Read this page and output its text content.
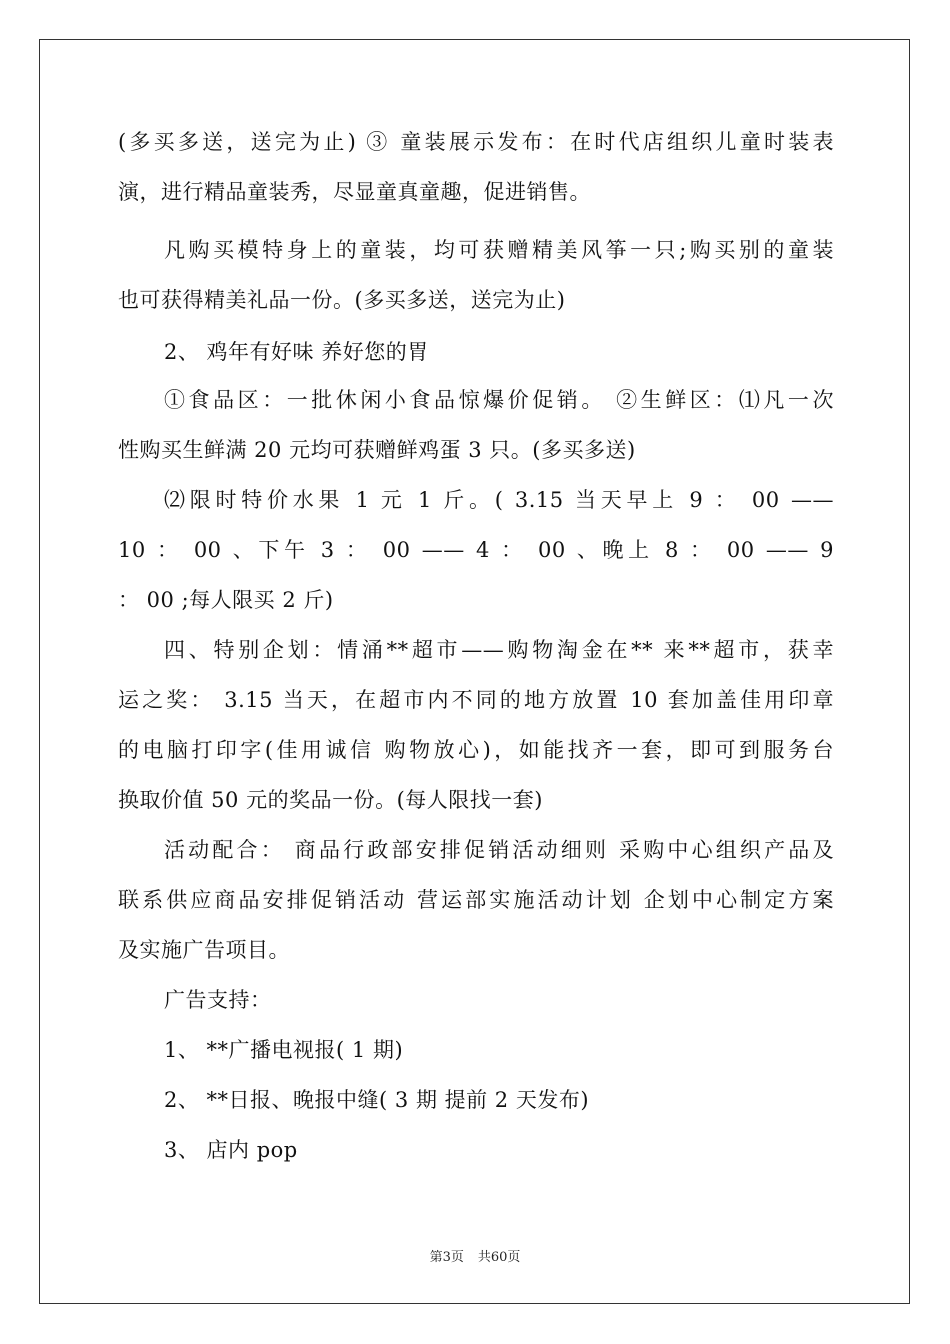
(多买多送，送完为止) ③ 童装展示发布：在时代店组织儿童时装表
演，进行精品童装秀，尽显童真童趣，促进销售。
凡购买模特身上的童装，均可获赠精美风筝一只;购买别的童装
也可获得精美礼品一份。(多买多送，送完为止)
2、 鸡年有好味 养好您的胃
①食品区：一批休闲小食品惊爆价促销。 ②生鲜区：⑴凡一次
性购买生鲜满 20 元均可获赠鲜鸡蛋 3 只。(多买多送)
⑵限时特价水果 1 元 1 斤。( 3.15 当天早上 9 ： 00 ——
10 ： 00 、下午 3 ： 00 —— 4 ： 00 、晚上 8 ： 00 —— 9
： 00 ;每人限买 2 斤)
四、特别企划：情涌**超市——购物淘金在** 来**超市，获幸
运之奖： 3.15 当天，在超市内不同的地方放置 10 套加盖佳用印章
的电脑打印字(佳用诚信 购物放心)，如能找齐一套，即可到服务台
换取价值 50 元的奖品一份。(每人限找一套)
活动配合： 商品行政部安排促销活动细则 采购中心组织产品及
联系供应商品安排促销活动 营运部实施活动计划 企划中心制定方案
及实施广告项目。
广告支持：
1、 **广播电视报( 1 期)
2、 **日报、晚报中缝( 3 期 提前 2 天发布)
3、 店内 pop
第3页 共60页
